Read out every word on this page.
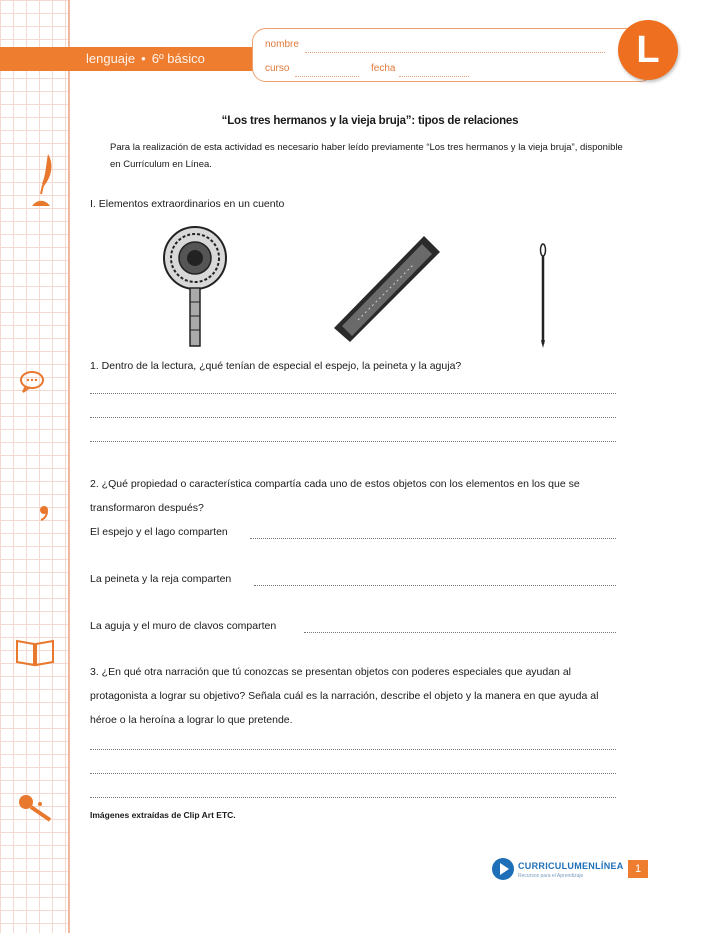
lenguaje • 6º básico
nombre
curso	fecha	L
“Los tres hermanos y la vieja bruja”: tipos de relaciones
Para la realización de esta actividad es necesario haber leído previamente “Los tres hermanos y la vieja bruja”, disponible en Currículum en Línea.
I. Elementos extraordinarios en un cuento
1. Dentro de la lectura, ¿qué tenían de especial el espejo, la peineta y la aguja?
2. ¿Qué propiedad o característica compartía cada uno de estos objetos con los elementos en los que se transformaron después?
El espejo y el lago comparten
La peineta y la reja comparten
La aguja y el muro de clavos comparten
3. ¿En qué otra narración que tú conozcas se presentan objetos con poderes especiales que ayudan al protagonista a lograr su objetivo? Señala cuál es la narración, describe el objeto y la manera en que ayuda al héroe o la heroína a lograr lo que pretende.
Imágenes extraídas de Clip Art ETC.
CURRICULUMENLÍNEA
Recursos para el Aprendizaje
1
